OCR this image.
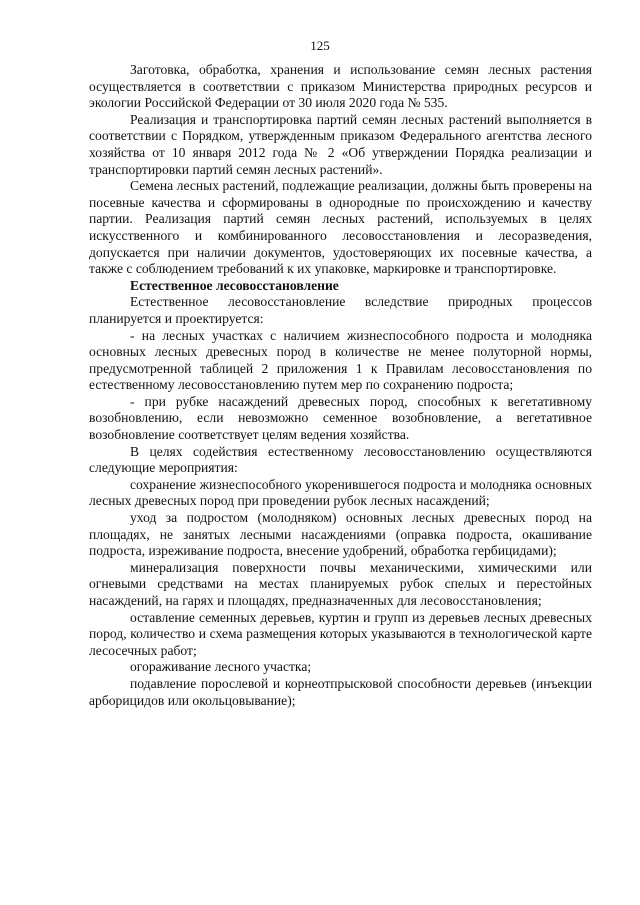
125

Заготовка, обработка, хранения и использование семян лесных растения осуществляется в соответствии с приказом Министерства природных ресурсов и экологии Российской Федерации от 30 июля 2020 года № 535.

Реализация и транспортировка партий семян лесных растений выполняется в соответствии с Порядком, утвержденным приказом Федерального агентства лесного хозяйства от 10 января 2012 года № 2 «Об утверждении Порядка реализации и транспортировки партий семян лесных растений».

Семена лесных растений, подлежащие реализации, должны быть проверены на посевные качества и сформированы в однородные по происхождению и качеству партии. Реализация партий семян лесных растений, используемых в целях искусственного и комбинированного лесовосстановления и лесоразведения, допускается при наличии документов, удостоверяющих их посевные качества, а также с соблюдением требований к их упаковке, маркировке и транспортировке.

Естественное лесовосстановление

Естественное лесовосстановление вследствие природных процессов планируется и проектируется:

- на лесных участках с наличием жизнеспособного подроста и молодняка основных лесных древесных пород в количестве не менее полуторной нормы, предусмотренной таблицей 2 приложения 1 к Правилам лесовосстановления по естественному лесовосстановлению путем мер по сохранению подроста;

- при рубке насаждений древесных пород, способных к вегетативному возобновлению, если невозможно семенное возобновление, а вегетативное возобновление соответствует целям ведения хозяйства.

В целях содействия естественному лесовосстановлению осуществляются следующие мероприятия:

сохранение жизнеспособного укоренившегося подроста и молодняка основных лесных древесных пород при проведении рубок лесных насаждений;

уход за подростом (молодняком) основных лесных древесных пород на площадях, не занятых лесными насаждениями (оправка подроста, окашивание подроста, изреживание подроста, внесение удобрений, обработка гербицидами);

минерализация поверхности почвы механическими, химическими или огневыми средствами на местах планируемых рубок спелых и перестойных насаждений, на гарях и площадях, предназначенных для лесовосстановления;

оставление семенных деревьев, куртин и групп из деревьев лесных древесных пород, количество и схема размещения которых указываются в технологической карте лесосечных работ;

огораживание лесного участка;

подавление порослевой и корнеотпрысковой способности деревьев (инъекции арборицидов или окольцовывание);
